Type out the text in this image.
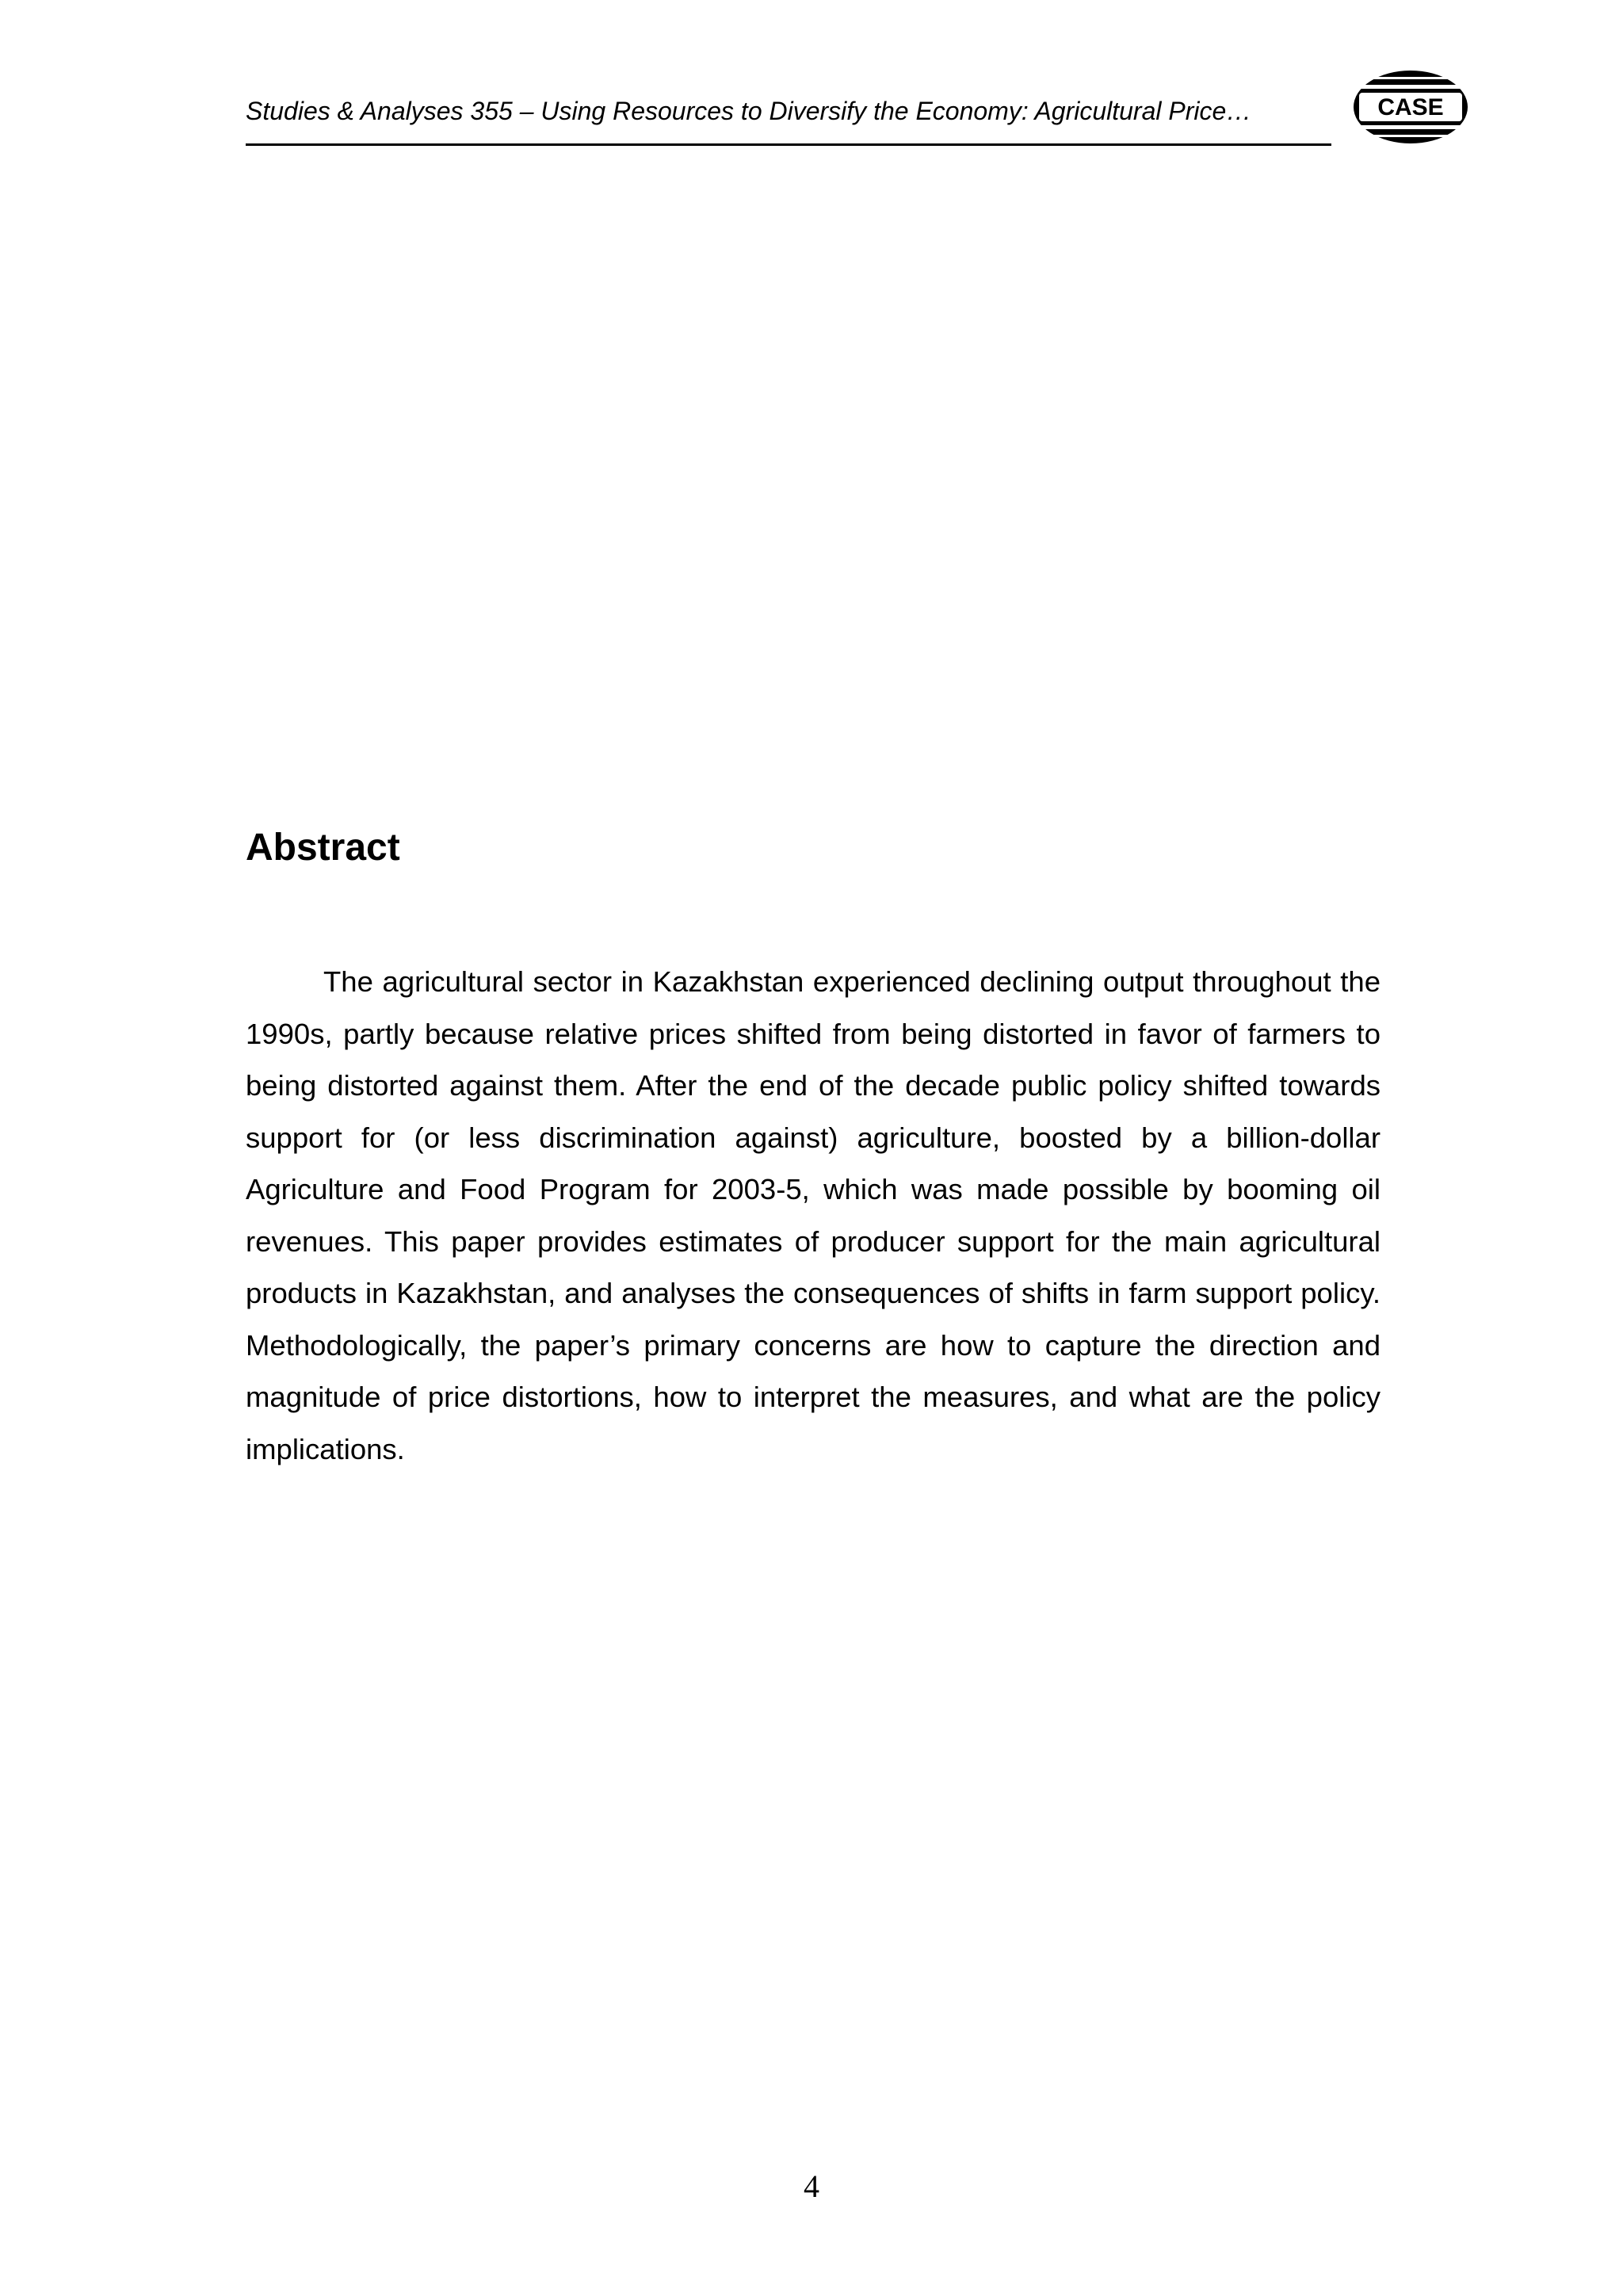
Studies & Analyses 355 – Using Resources to Diversify the Economy: Agricultural Price…	CASE
Abstract

The agricultural sector in Kazakhstan experienced declining output throughout the 1990s, partly because relative prices shifted from being distorted in favor of farmers to being distorted against them. After the end of the decade public policy shifted towards support for (or less discrimination against) agriculture, boosted by a billion-dollar Agriculture and Food Program for 2003-5, which was made possible by booming oil revenues. This paper provides estimates of producer support for the main agricultural products in Kazakhstan, and analyses the consequences of shifts in farm support policy. Methodologically, the paper’s primary concerns are how to capture the direction and magnitude of price distortions, how to interpret the measures, and what are the policy implications.

4
